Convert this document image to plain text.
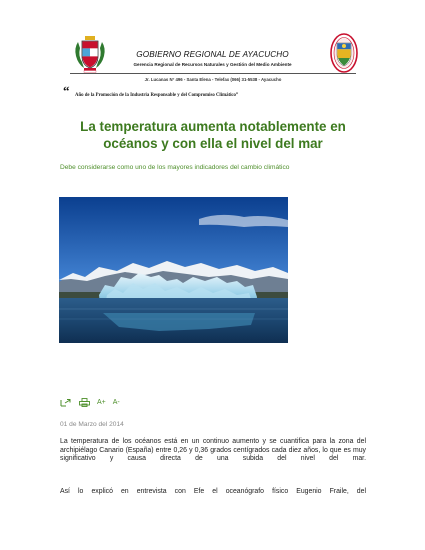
GOBIERNO REGIONAL DE AYACUCHO
Gerencia Regional de Recursos Naturales y Gestión del Medio Ambiente
Jr. Lucanas N° 496 - Santa Elena - Telefax (066) 31-5538 - Ayacucho
“ Año de la Promoción de la Industria Responsable y del Compromiso Climático”
La temperatura aumenta notablemente en océanos y con ella el nivel del mar
Debe considerarse como uno de los mayores indicadores del cambio climático
A+ A-
01 de Marzo del 2014
La temperatura de los océanos está en un continuo aumento y se cuantifica para la zona del archipiélago Canario (España) entre 0,26 y 0,36 grados centígrados cada diez años, lo que es muy significativo y causa directa de una subida del nivel del mar.
Así lo explicó en entrevista con Efe el oceanógrafo físico Eugenio Fraile, del
